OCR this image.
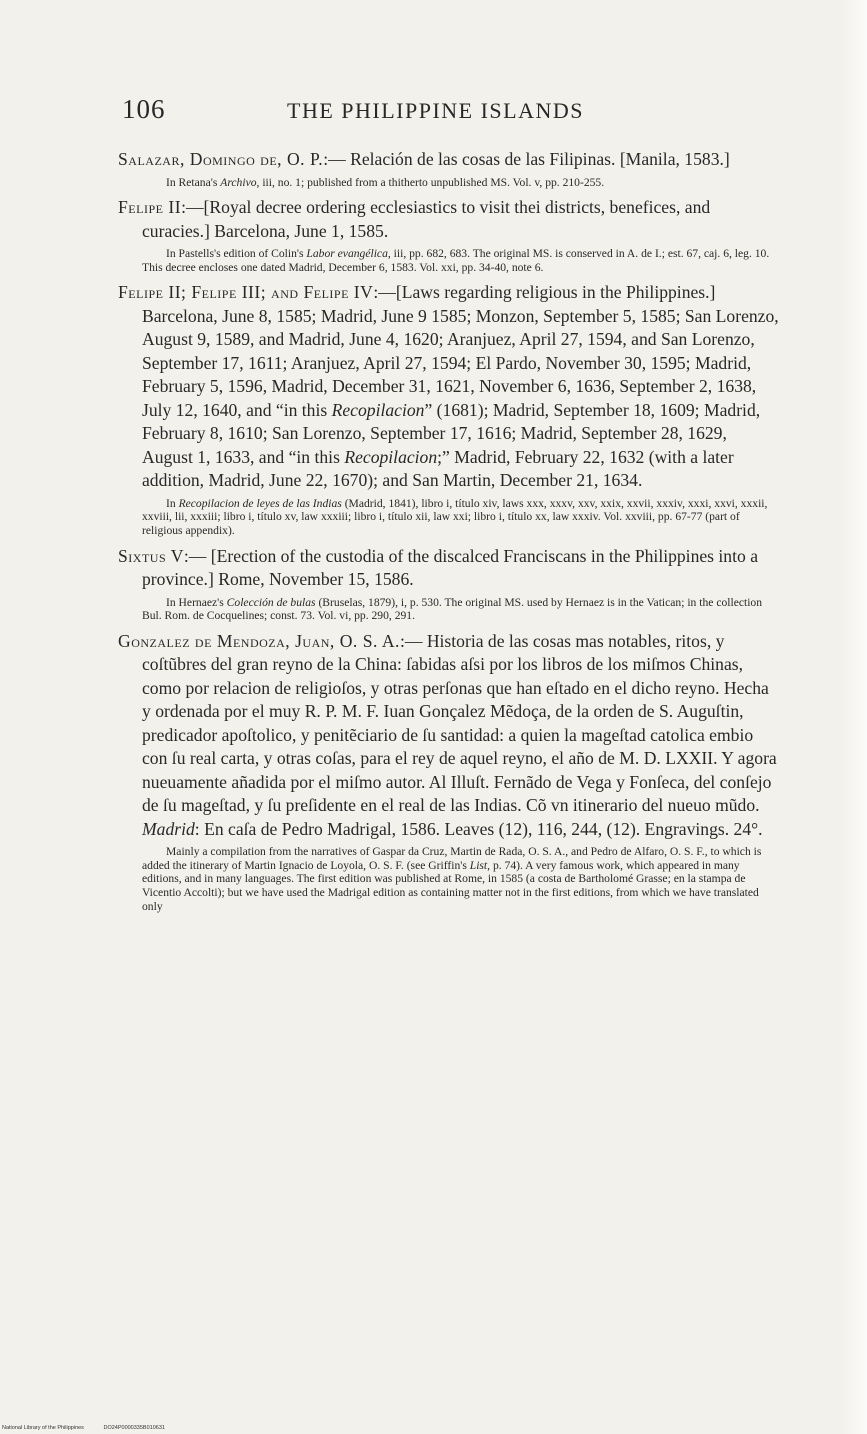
106	THE PHILIPPINE ISLANDS

Salazar, Domingo de, O. P.:— Relación de las cosas de las Filipinas. [Manila, 1583.]

In Retana's Archivo, iii, no. 1; published from a thitherto unpublished MS. Vol. v, pp. 210-255.

Felipe II:—[Royal decree ordering ecclesiastics to visit thei districts, benefices, and curacies.] Barcelona, June 1, 1585.

In Pastells's edition of Colin's Labor evangélica, iii, pp. 682, 683. The original MS. is conserved in A. de I.; est. 67, caj. 6, leg. 10. This decree encloses one dated Madrid, December 6, 1583. Vol. xxi, pp. 34-40, note 6.

Felipe II; Felipe III; and Felipe IV:—[Laws regarding religious in the Philippines.] Barcelona, June 8, 1585; Madrid, June 9 1585; Monzon, September 5, 1585; San Lorenzo, August 9, 1589, and Madrid, June 4, 1620; Aranjuez, April 27, 1594, and San Lorenzo, September 17, 1611; Aranjuez, April 27, 1594; El Pardo, November 30, 1595; Madrid, February 5, 1596, Madrid, December 31, 1621, November 6, 1636, September 2, 1638, July 12, 1640, and “in this Recopilacion” (1681); Madrid, September 18, 1609; Madrid, February 8, 1610; San Lorenzo, September 17, 1616; Madrid, September 28, 1629, August 1, 1633, and “in this Recopilacion;” Madrid, February 22, 1632 (with a later addition, Madrid, June 22, 1670); and San Martin, December 21, 1634.

In Recopilacion de leyes de las Indias (Madrid, 1841), libro i, título xiv, laws xxx, xxxv, xxv, xxix, xxvii, xxxiv, xxxi, xxvi, xxxii, xxviii, lii, xxxiii; libro i, título xv, law xxxiii; libro i, título xii, law xxi; libro i, título xx, law xxxiv. Vol. xxviii, pp. 67-77 (part of religious appendix).

Sixtus V:— [Erection of the custodia of the discalced Franciscans in the Philippines into a province.] Rome, November 15, 1586.

In Hernaez's Colección de bulas (Bruselas, 1879), i, p. 530. The original MS. used by Hernaez is in the Vatican; in the collection Bul. Rom. de Cocquelines; const. 73. Vol. vi, pp. 290, 291.

Gonzalez de Mendoza, Juan, O. S. A.:— Historia de las cosas mas notables, ritos, y coſtũbres del gran reyno de la China: ſabidas aſsi por los libros de los miſmos Chinas, como por relacion de religioſos, y otras perſonas que han eſtado en el dicho reyno. Hecha y ordenada por el muy R. P. M. F. Iuan Gonçalez Mẽdoça, de la orden de S. Auguſtin, predicador apoſtolico, y penitẽciario de ſu santidad: a quien la mageſtad catolica embio con ſu real carta, y otras coſas, para el rey de aquel reyno, el año de M. D. LXXII. Y agora nueuamente añadida por el miſmo autor. Al Illuſt. Fernãdo de Vega y Fonſeca, del conſejo de ſu mageſtad, y ſu preſidente en el real de las Indias. Cõ vn itinerario del nueuo mũdo. Madrid: En caſa de Pedro Madrigal, 1586. Leaves (12), 116, 244, (12). Engravings. 24°.

Mainly a compilation from the narratives of Gaspar da Cruz, Martin de Rada, O. S. A., and Pedro de Alfaro, O. S. F., to which is added the itinerary of Martin Ignacio de Loyola, O. S. F. (see Griffin's List, p. 74). A very famous work, which appeared in many editions, and in many languages. The first edition was published at Rome, in 1585 (a costa de Bartholomé Grasse; en la stampa de Vicentio Accolti); but we have used the Madrigal edition as containing matter not in the first editions, from which we have translated only

National Library of the Philippines	DO24P0000335B010631
